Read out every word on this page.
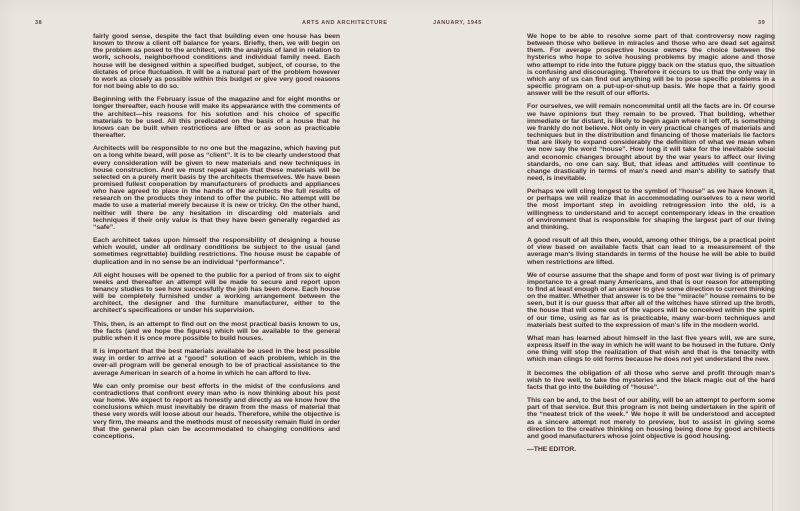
38	ARTS AND ARCHITECTURE	JANUARY, 1945	39

fairly good sense, despite the fact that building even one house has been known to throw a client off balance for years. Briefly, then, we will begin on the problem as posed to the architect, with the analysis of land in relation to work, schools, neighborhood conditions and individual family need. Each house will be designed within a specified budget, subject, of course, to the dictates of price fluctuation. It will be a natural part of the problem however to work as closely as possible within this budget or give very good reasons for not being able to do so.

Beginning with the February issue of the magazine and for eight months or longer thereafter, each house will make its appearance with the comments of the architect—his reasons for his solution and his choice of specific materials to be used. All this predicated on the basis of a house that he knows can be built when restrictions are lifted or as soon as practicable thereafter.

Architects will be responsible to no one but the magazine, which having put on a long white beard, will pose as “client”. It is to be clearly understood that every consideration will be given to new materials and new techniques in house construction. And we must repeat again that these materials will be selected on a purely merit basis by the architects themselves. We have been promised fullest cooperation by manufacturers of products and appliances who have agreed to place in the hands of the architects the full results of research on the products they intend to offer the public. No attempt will be made to use a material merely because it is new or tricky. On the other hand, neither will there be any hesitation in discarding old materials and techniques if their only value is that they have been generally regarded as “safe”.

Each architect takes upon himself the responsibility of designing a house which would, under all ordinary conditions be subject to the usual (and sometimes regrettable) building restrictions. The house must be capable of duplication and in no sense be an individual “performance”.

All eight houses will be opened to the public for a period of from six to eight weeks and thereafter an attempt will be made to secure and report upon tenancy studies to see how successfully the job has been done. Each house will be completely furnished under a working arrangement between the architect, the designer and the furniture manufacturer, either to the architect's specifications or under his supervision.

This, then, is an attempt to find out on the most practical basis known to us, the facts (and we hope the figures) which will be available to the general public when it is once more possible to build houses.

It is important that the best materials available be used in the best possible way in order to arrive at a “good” solution of each problem, which in the over-all program will be general enough to be of practical assistance to the average American in search of a home in which he can afford to live.

We can only promise our best efforts in the midst of the confusions and contradictions that confront every man who is now thinking about his post war home. We expect to report as honestly and directly as we know how the conclusions which must inevitably be drawn from the mass of material that these very words will loose about our heads. Therefore, while the objective is very firm, the means and the methods must of necessity remain fluid in order that the general plan can be accommodated to changing conditions and conceptions.

We hope to be able to resolve some part of that controversy now raging between those who believe in miracles and those who are dead set against them. For average prospective house owners the choice between the hysterics who hope to solve housing problems by magic alone and those who attempt to ride into the future piggy back on the status quo, the situation is confusing and discouraging. Therefore it occurs to us that the only way in which any of us can find out anything will be to pose specific problems in a specific program on a put-up-or-shut-up basis. We hope that a fairly good answer will be the result of our efforts.

For ourselves, we will remain noncommital until all the facts are in. Of course we have opinions but they remain to be proved. That building, whether immediate or far distant, is likely to begin again where it left off, is something we frankly do not believe. Not only in very practical changes of materials and techniques but in the distribution and financing of those materials lie factors that are likely to expand considerably the definition of what we mean when we now say the word “house”. How long it will take for the inevitable social and economic changes brought about by the war years to affect our living standards, no one can say. But, that ideas and attitudes will continue to change drastically in terms of man's need and man's ability to satisfy that need, is inevitable.

Perhaps we will cling longest to the symbol of “house” as we have known it, or perhaps we will realize that in accommodating ourselves to a new world the most important step in avoiding retrogression into the old, is a willingness to understand and to accept contemporary ideas in the creation of environment that is responsible for shaping the largest part of our living and thinking.

A good result of all this then, would, among other things, be a practical point of view based on available facts that can lead to a measurement of the average man's living standards in terms of the house he will be able to build when restrictions are lifted.

We of course assume that the shape and form of post war living is of primary importance to a great many Americans, and that is our reason for attempting to find at least enough of an answer to give some direction to current thinking on the matter. Whether that answer is to be the “miracle” house remains to be seen, but it is our guess that after all of the witches have stirred up the broth, the house that will come out of the vapors will be conceived within the spirit of our time, using as far as is practicable, many war-born techniques and materials best suited to the expression of man's life in the modern world.

What man has learned about himself in the last five years will, we are sure, express itself in the way in which he will want to be housed in the future. Only one thing will stop the realization of that wish and that is the tenacity with which man clings to old forms because he does not yet understand the new.

It becomes the obligation of all those who serve and profit through man's wish to live well, to take the mysteries and the black magic out of the hard facts that go into the building of “house”.

This can be and, to the best of our ability, will be an attempt to perform some part of that service. But this program is not being undertaken in the spirit of the “neatest trick of the week.” We hope it will be understood and accepted as a sincere attempt not merely to preview, but to assist in giving some direction to the creative thinking on housing being done by good architects and good manufacturers whose joint objective is good housing.

—THE EDITOR.
